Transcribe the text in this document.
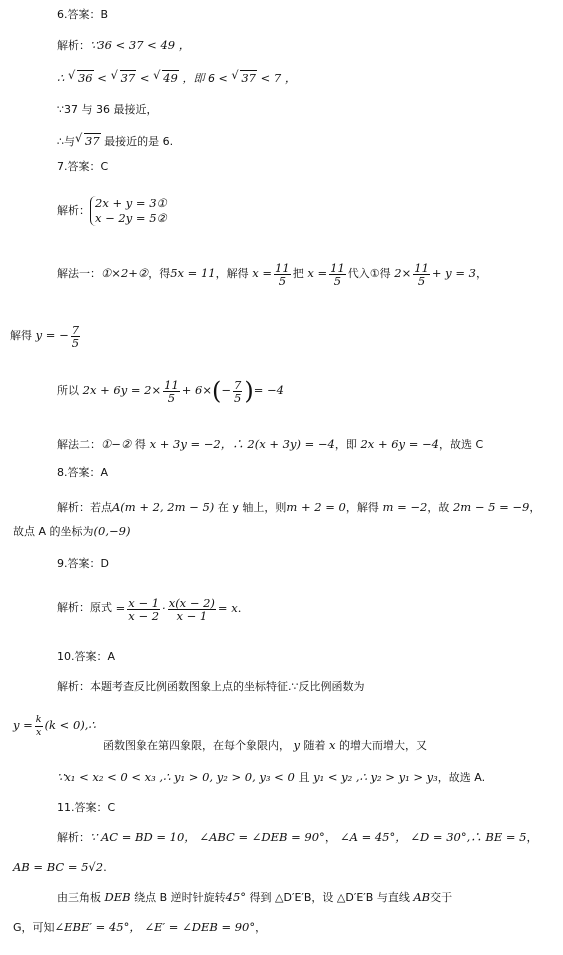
6.答案：B
解析：∵36 < 37 < 49 ，
∴ √ 36 < √ 37 < √ 49 ，即 6 < √ 37 < 7 ，
∵37 与 36 最接近，
∴与 √ 37 最接近的是 6.
7.答案：C
解析：
2x + y = 3①
x − 2y = 5②
解法一：①×2+②，得5x = 11，解得 $x = \frac{11}{5}$ 把 $x = \frac{11}{5}$ 代入①得 $2\times \frac{11}{5} + y = 3$，
解得 y = − $\frac{7}{5}$
所以 $2x + 6y = 2\times \frac{11}{5} + 6\times(- \frac{7}{5}$ )= −4
解法二：①−② 得 x + 3y = −2，∴ 2(x + 3y) = −4，即 2x + 6y = −4，故选 C
8.答案：A
解析：若点A(m + 2, 2m − 5) 在 y 轴上，则m + 2 = 0，解得 m = −2，故 2m − 5 = −9，
故点 A 的坐标为(0,−9)
9.答案：D
解析：原式 = $\frac{x - 1}{x - 2} \cdot \frac{x(x - 2)}{x - 1} = x$.
10.答案：A
解析：本题考查反比例函数图象上点的坐标特征.∵反比例函数为
$y = \frac{k}{x} (k$ < 0),∴
函数图象在第四象限，在每个象限内， y 随着 x 的增大而增大，又
∵x₁ < x₂ < 0 < x₃ ,∴ y₁ > 0, y₂ > 0, y₃ < 0 且 y₁ < y₂ ,∴ y₂ > y₁ > y₃，故选 A.
11.答案：C
解析：∵ AC = BD = 10， ∠ABC = ∠DEB = 90°， ∠A = 45°， ∠D = 30°,∴ BE = 5，
AB = BC = 5√2.
由三角板 DEB 绕点 B 逆时针旋转45° 得到 △D′E′B，设 △D′E′B 与直线 AB交于
G，可知∠EBE′ = 45°， ∠E′ = ∠DEB = 90°，
